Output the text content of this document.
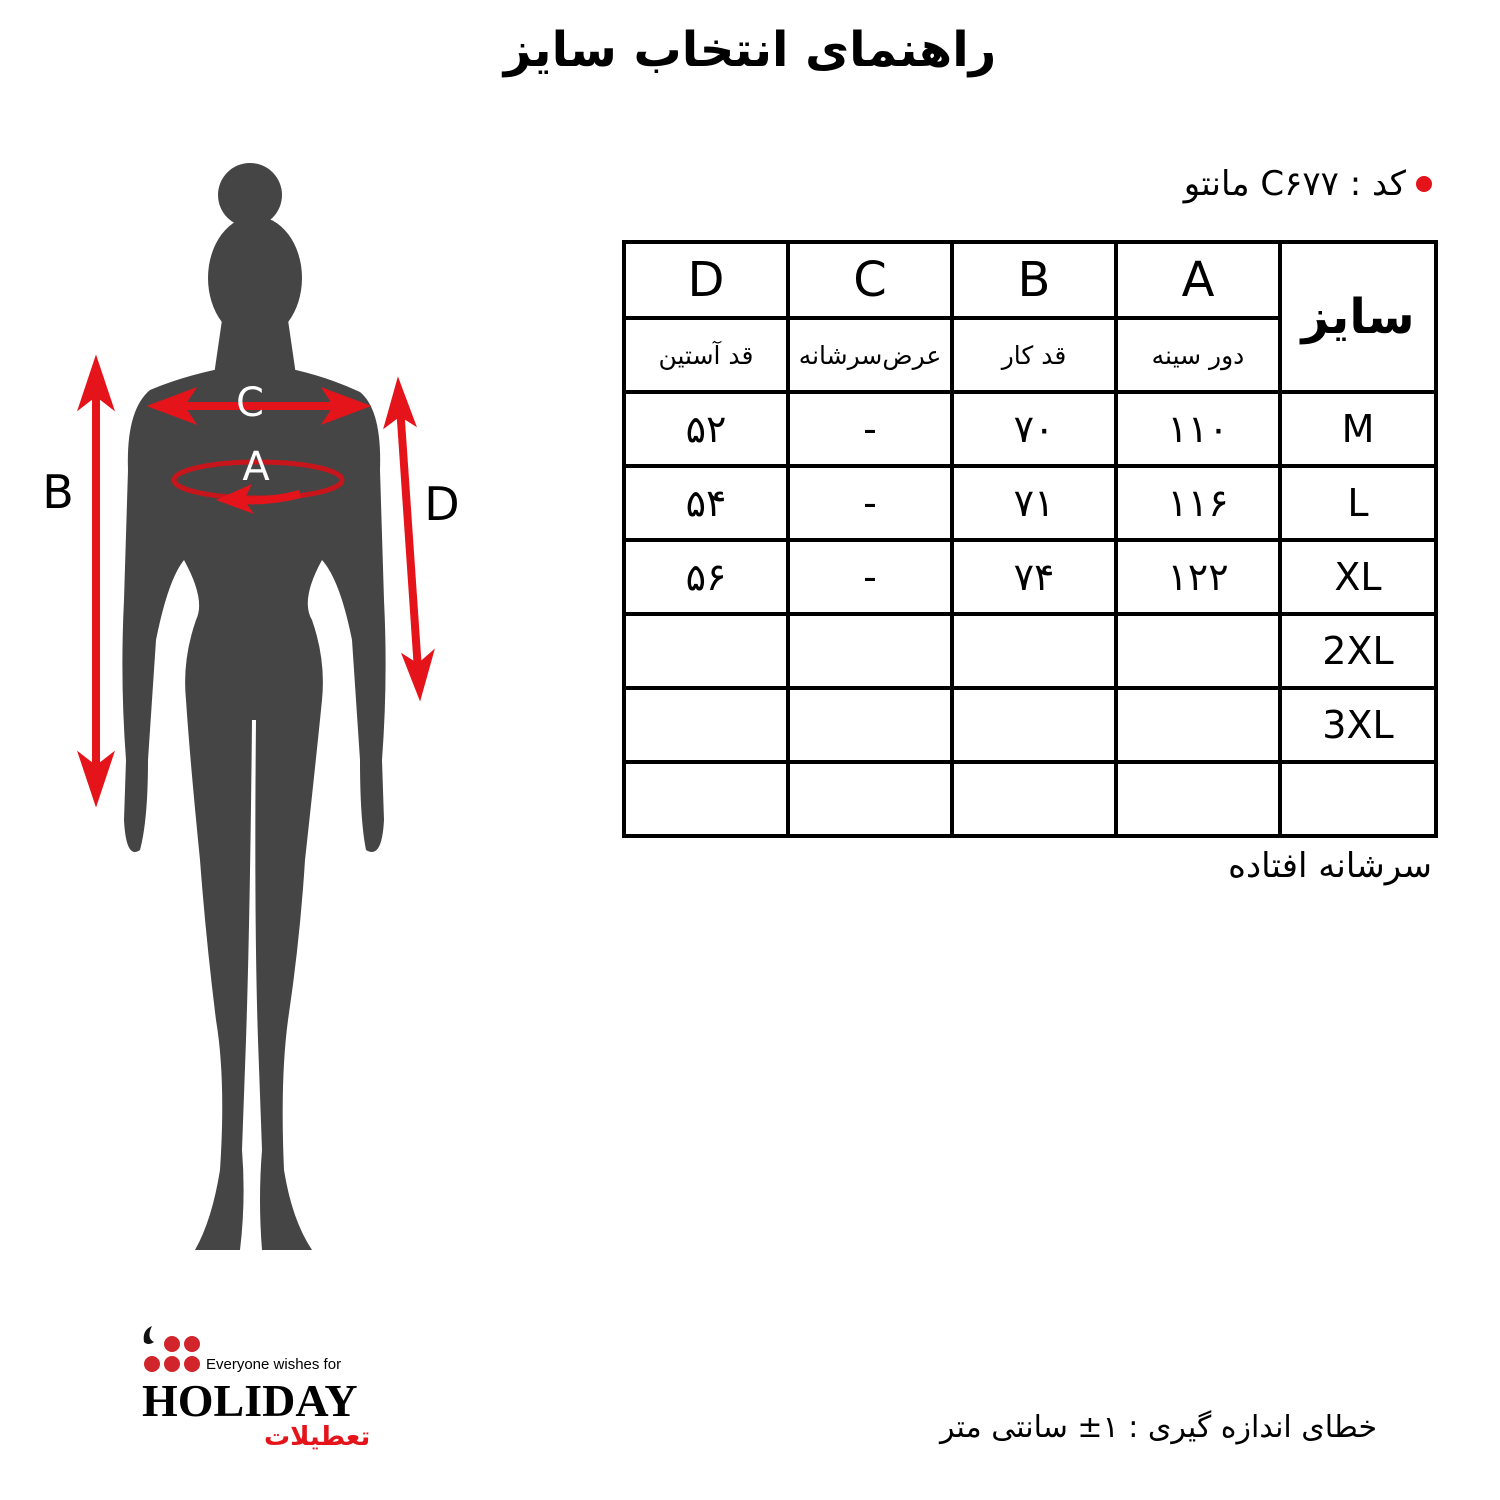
راهنمای انتخاب سایز
کد : C۶۷۷ مانتو
B	D
C
A
D	C	B	A	سایز
قد آستین	عرض‌سرشانه	قد کار	دور سینه	
۵۲	-	۷۰	۱۱۰	M
۵۴	-	۷۱	۱۱۶	L
۵۶	-	۷۴	۱۲۲	XL
				2XL
				3XL

سرشانه افتاده
خطای اندازه گیری : ۱± سانتی متر
Everyone wishes for
HOLIDAY
تعطیلات
